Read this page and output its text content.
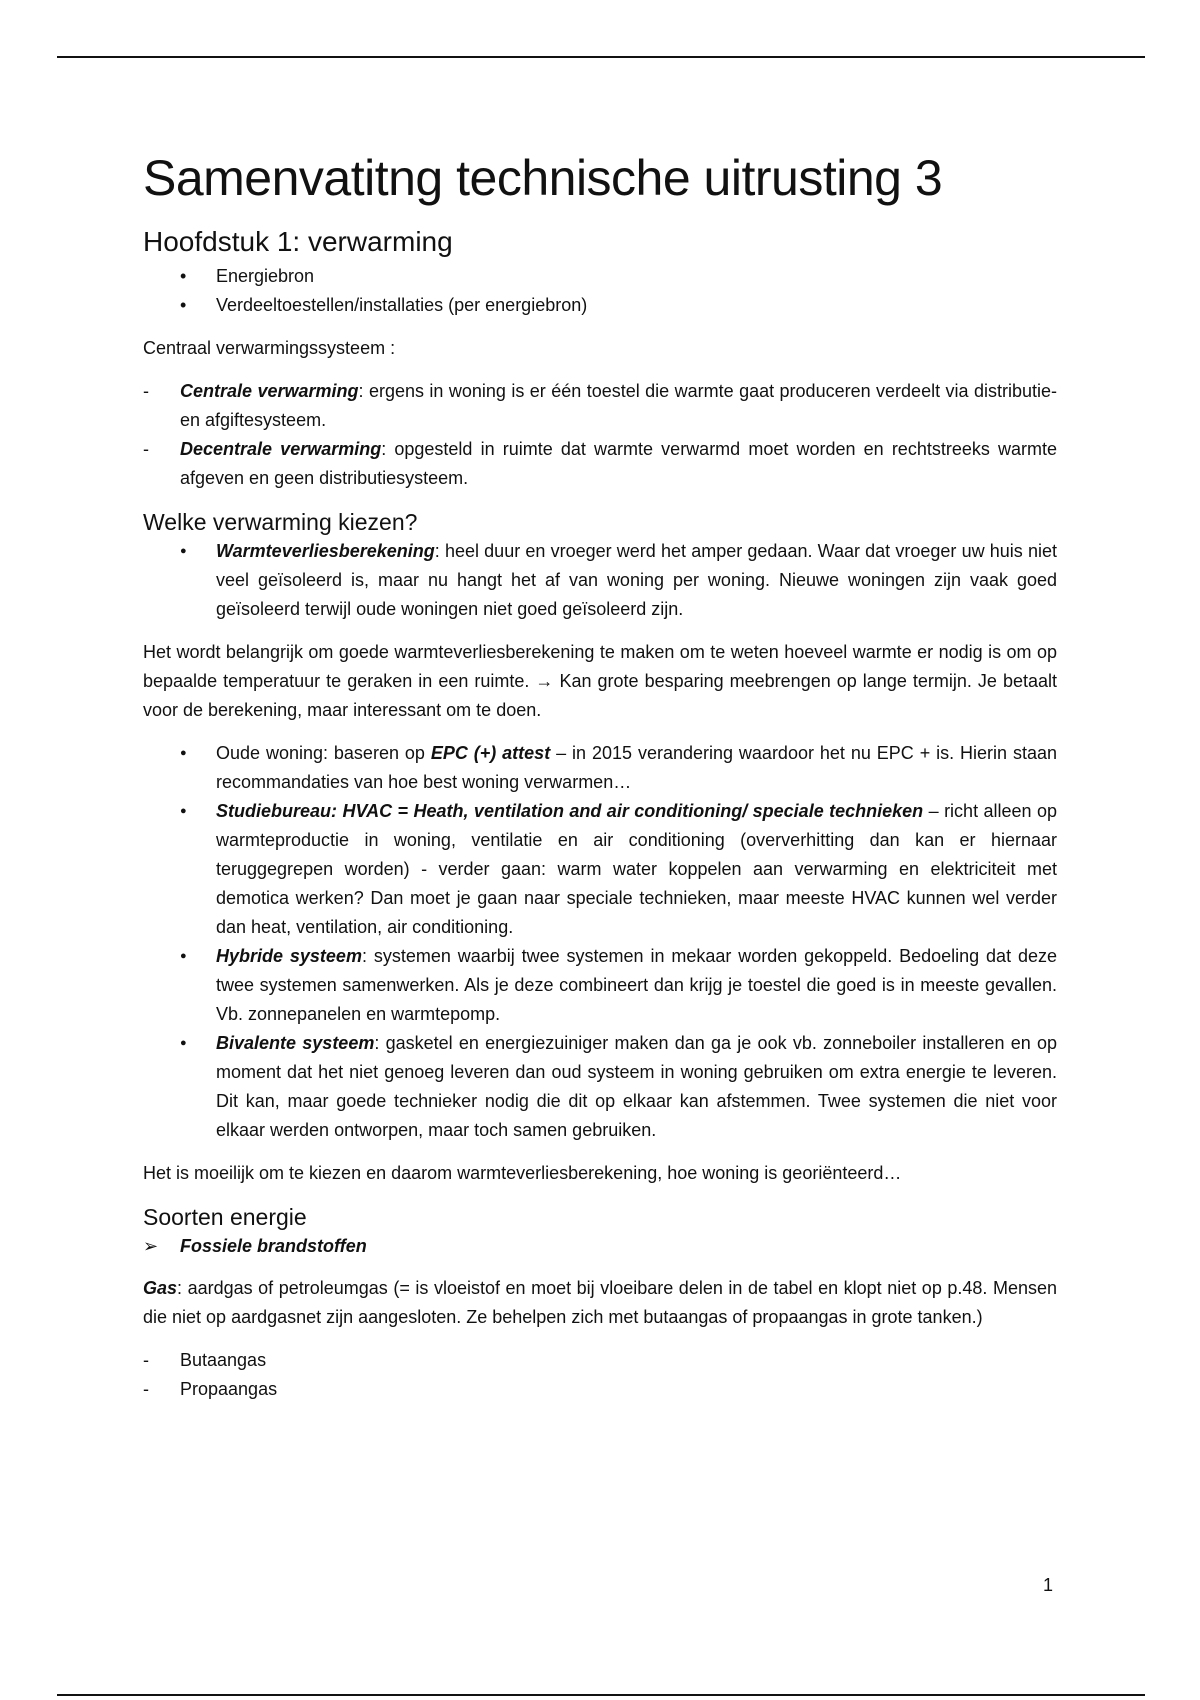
Samenvatitng technische uitrusting 3
Hoofdstuk 1: verwarming
• Energiebron
• Verdeeltoestellen/installaties (per energiebron)

Centraal verwarmingssysteem :

- Centrale verwarming: ergens in woning is er één toestel die warmte gaat produceren verdeelt via distributie- en afgiftesysteem.
- Decentrale verwarming: opgesteld in ruimte dat warmte verwarmd moet worden en rechtstreeks warmte afgeven en geen distributiesysteem.
Welke verwarming kiezen?
● Warmteverliesberekening: heel duur en vroeger werd het amper gedaan. Waar dat vroeger uw huis niet veel geïsoleerd is, maar nu hangt het af van woning per woning. Nieuwe woningen zijn vaak goed geïsoleerd terwijl oude woningen niet goed geïsoleerd zijn.

Het wordt belangrijk om goede warmteverliesberekening te maken om te weten hoeveel warmte er nodig is om op bepaalde temperatuur te geraken in een ruimte. → Kan grote besparing meebrengen op lange termijn. Je betaalt voor de berekening, maar interessant om te doen.

● Oude woning: baseren op EPC (+) attest – in 2015 verandering waardoor het nu EPC + is. Hierin staan recommandaties van hoe best woning verwarmen…
● Studiebureau: HVAC = Heath, ventilation and air conditioning/ speciale technieken – richt alleen op warmteproductie in woning, ventilatie en air conditioning (oververhitting dan kan er hiernaar teruggegrepen worden) - verder gaan: warm water koppelen aan verwarming en elektriciteit met demotica werken? Dan moet je gaan naar speciale technieken, maar meeste HVAC kunnen wel verder dan heat, ventilation, air conditioning.
● Hybride systeem: systemen waarbij twee systemen in mekaar worden gekoppeld. Bedoeling dat deze twee systemen samenwerken. Als je deze combineert dan krijg je toestel die goed is in meeste gevallen. Vb. zonnepanelen en warmtepomp.
● Bivalente systeem: gasketel en energiezuiniger maken dan ga je ook vb. zonneboiler installeren en op moment dat het niet genoeg leveren dan oud systeem in woning gebruiken om extra energie te leveren. Dit kan, maar goede technieker nodig die dit op elkaar kan afstemmen. Twee systemen die niet voor elkaar werden ontworpen, maar toch samen gebruiken.

Het is moeilijk om te kiezen en daarom warmteverliesberekening, hoe woning is georiënteerd…

Soorten energie
➢ Fossiele brandstoffen

Gas: aardgas of petroleumgas (= is vloeistof en moet bij vloeibare delen in de tabel en klopt niet op p.48. Mensen die niet op aardgasnet zijn aangesloten. Ze behelpen zich met butaangas of propaangas in grote tanken.)

- Butaangas
- Propaangas
1
